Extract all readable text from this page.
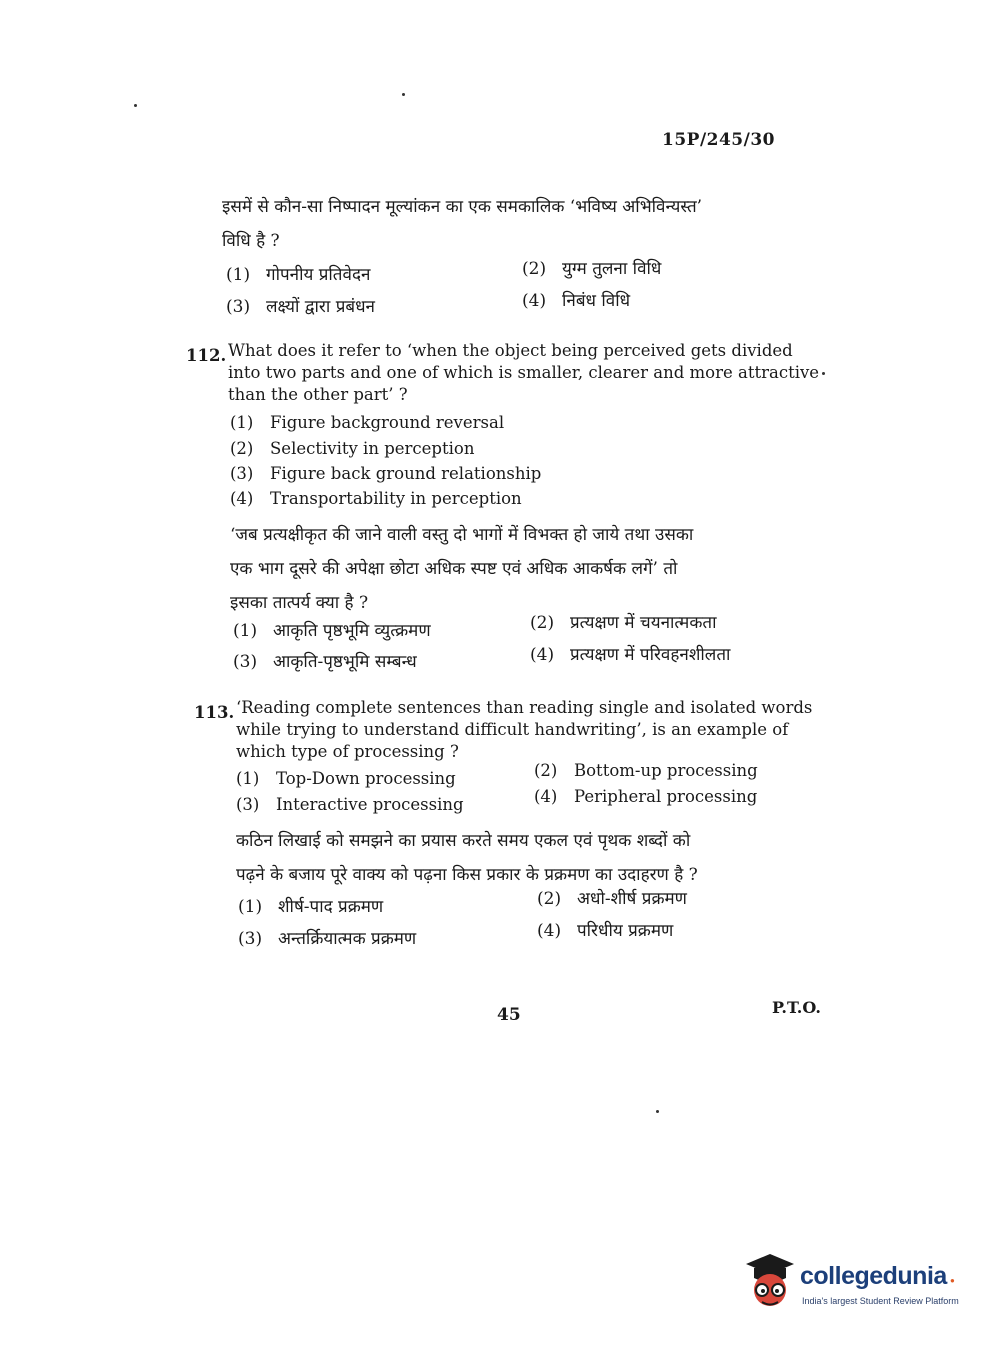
15P/245/30
इसमें से कौन-सा निष्पादन मूल्यांकन का एक समकालिक ‘भविष्य अभिविन्यस्त’
विधि है ?
(1) गोपनीय प्रतिवेदन	(2) युग्म तुलना विधि
(3) लक्ष्यों द्वारा प्रबंधन	(4) निबंध विधि
112. What does it refer to ‘when the object being perceived gets divided
into two parts and one of which is smaller, clearer and more attractive
than the other part’ ?
(1) Figure background reversal
(2) Selectivity in perception
(3) Figure back ground relationship
(4) Transportability in perception
‘जब प्रत्यक्षीकृत की जाने वाली वस्तु दो भागों में विभक्त हो जाये तथा उसका
एक भाग दूसरे की अपेक्षा छोटा अधिक स्पष्ट एवं अधिक आकर्षक लगें’ तो
इसका तात्पर्य क्या है ?
(1) आकृति पृष्ठभूमि व्युत्क्रमण	(2) प्रत्यक्षण में चयनात्मकता
(3) आकृति-पृष्ठभूमि सम्बन्ध	(4) प्रत्यक्षण में परिवहनशीलता
113. ‘Reading complete sentences than reading single and isolated words
while trying to understand difficult handwriting’, is an example of
which type of processing ?
(1) Top-Down processing	(2) Bottom-up processing
(3) Interactive processing	(4) Peripheral processing
कठिन लिखाई को समझने का प्रयास करते समय एकल एवं पृथक शब्दों को
पढ़ने के बजाय पूरे वाक्य को पढ़ना किस प्रकार के प्रक्रमण का उदाहरण है ?
(1) शीर्ष-पाद प्रक्रमण	(2) अधो-शीर्ष प्रक्रमण
(3) अन्तर्क्रियात्मक प्रक्रमण	(4) परिधीय प्रक्रमण
45	P.T.O.
collegedunia ●
India's largest Student Review Platform
